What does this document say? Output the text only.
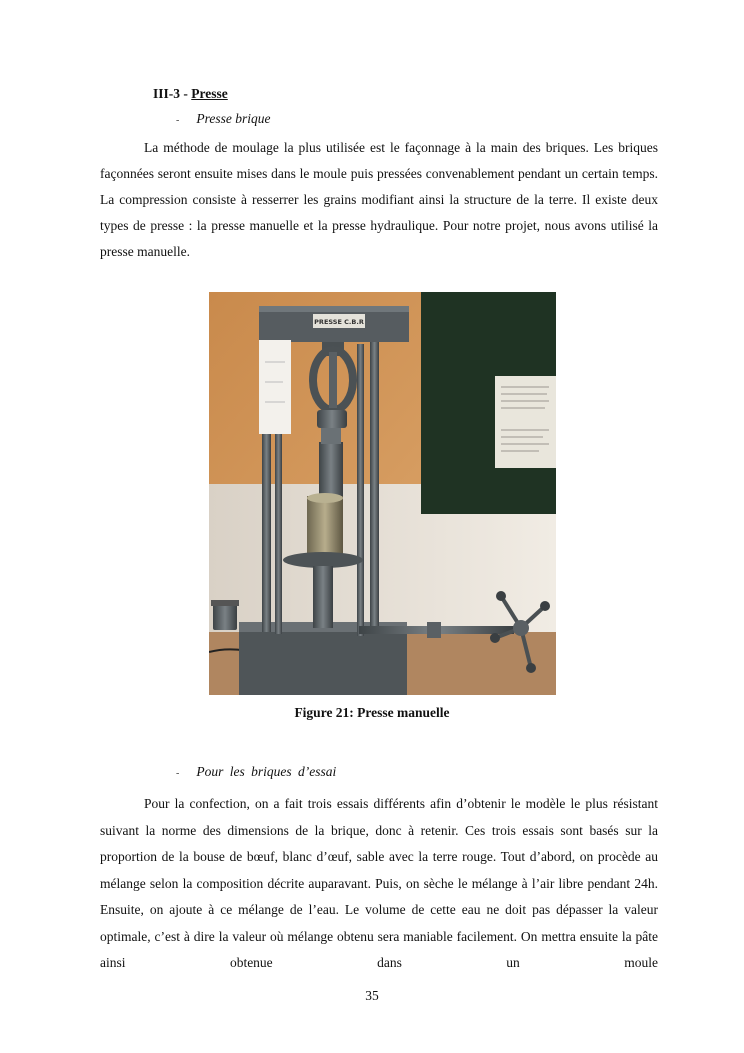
III-3 - Presse
- Presse brique

La méthode de moulage la plus utilisée est le façonnage à la main des briques. Les briques façonnées seront ensuite mises dans le moule puis pressées convenablement pendant un certain temps. La compression consiste à resserrer les grains modifiant ainsi la structure de la terre. Il existe deux types de presse : la presse manuelle et la presse hydraulique. Pour notre projet, nous avons utilisé la presse manuelle.

PRESSE C.B.R
Figure 21: Presse manuelle
- Pour les briques d’essai

Pour la confection, on a fait trois essais différents afin d’obtenir le modèle le plus résistant suivant la norme des dimensions de la brique, donc à retenir. Ces trois essais sont basés sur la proportion de la bouse de bœuf, blanc d’œuf, sable avec la terre rouge. Tout d’abord, on procède au mélange selon la composition décrite auparavant. Puis, on sèche le mélange à l’air libre pendant 24h. Ensuite, on ajoute à ce mélange de l’eau. Le volume de cette eau ne doit pas dépasser la valeur optimale, c’est à dire la valeur où mélange obtenu sera maniable facilement. On mettra ensuite la pâte ainsi obtenue dans un moule

35
